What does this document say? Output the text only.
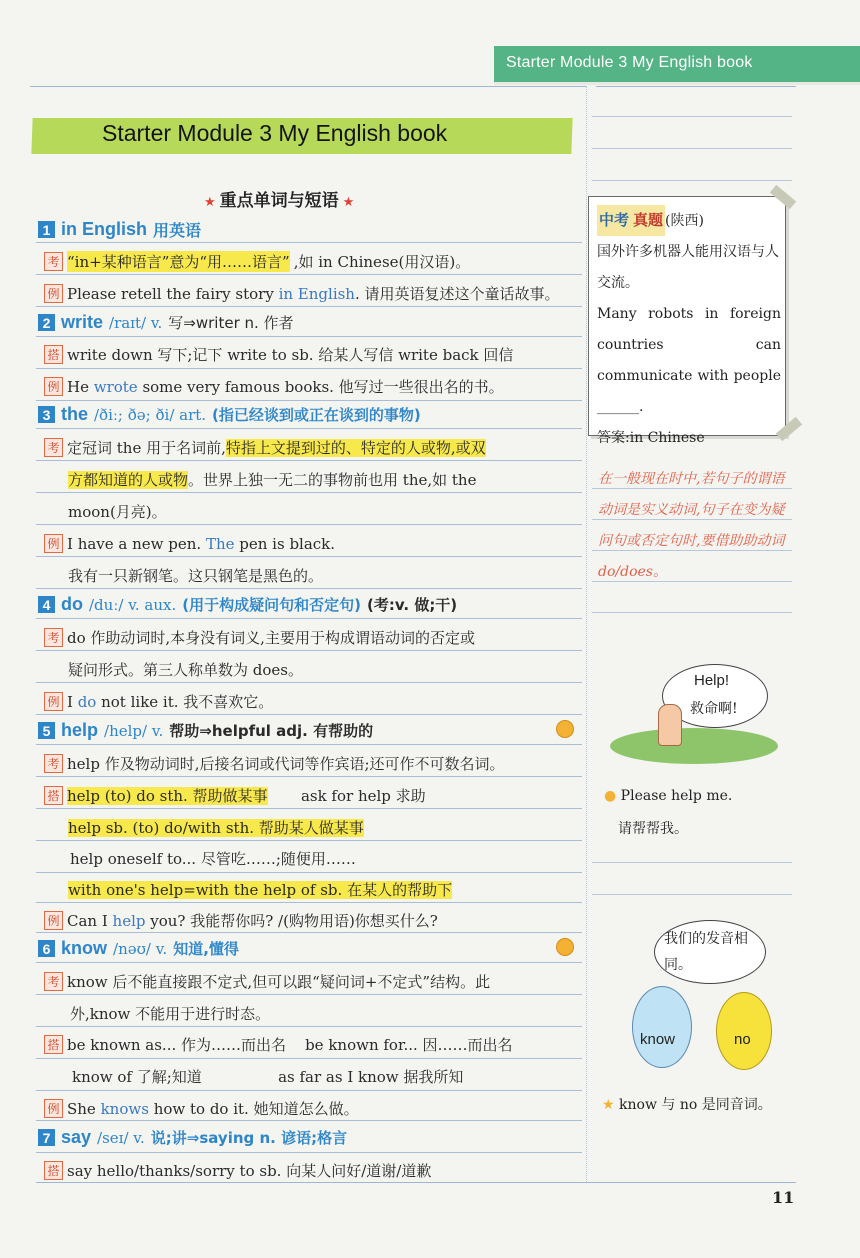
Starter Module 3 My English book
Starter Module 3 My English book
★ 重点单词与短语 ★
1 in English 用英语
考 “in+某种语言”意为“用……语言” ,如 in Chinese(用汉语)。
例 Please retell the fairy story in English. 请用英语复述这个童话故事。
2 write /raɪt/ v. 写⇒writer n. 作者
搭 write down 写下;记下 write to sb. 给某人写信 write back 回信
例 He wrote some very famous books. 他写过一些很出名的书。
3 the /ðiː; ðə; ði/ art. (指已经谈到或正在谈到的事物)
考 定冠词 the 用于名词前,特指上文提到过的、特定的人或物,或双
方都知道的人或物。世界上独一无二的事物前也用 the,如 the
moon(月亮)。
例 I have a new pen. The pen is black.
我有一只新钢笔。这只钢笔是黑色的。
4 do /duː/ v. aux. (用于构成疑问句和否定句) (考:v. 做;干)
考 do 作助动词时,本身没有词义,主要用于构成谓语动词的否定或
疑问形式。第三人称单数为 does。
例 I do not like it. 我不喜欢它。
5 help /help/ v. 帮助⇒helpful adj. 有帮助的
考 help 作及物动词时,后接名词或代词等作宾语;还可作不可数名词。
搭 help (to) do sth. 帮助做某事       ask for help 求助
help sb. (to) do/with sth. 帮助某人做某事
help oneself to... 尽管吃……;随便用……
with one's help=with the help of sb. 在某人的帮助下
例 Can I help you? 我能帮你吗? /(购物用语)你想买什么?
6 know /nəʊ/ v. 知道,懂得
考 know 后不能直接跟不定式,但可以跟“疑问词+不定式”结构。此
外,know 不能用于进行时态。
搭 be known as... 作为……而出名    be known for... 因……而出名
know of 了解;知道                as far as I know 据我所知
例 She knows how to do it. 她知道怎么做。
7 say /seɪ/ v. 说;讲⇒saying n. 谚语;格言
搭 say hello/thanks/sorry to sb. 向某人问好/道谢/道歉
中考 真题 (陕西)
国外许多机器人能用汉语与人交流。
Many robots in foreign countries can communicate with people ______.
答案:in Chinese
在一般现在时中,若句子的谓语动词是实义动词,句子在变为疑问句或否定句时,要借助助动词 do/does。
Help!
救命啊!
● Please help me.
请帮帮我。
我们的发音相同。
know	no
★ know 与 no 是同音词。
11
